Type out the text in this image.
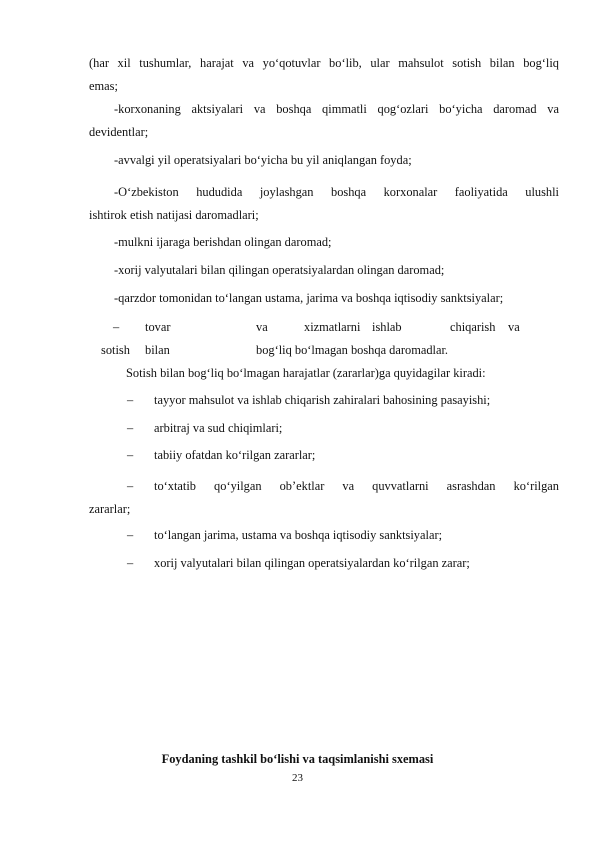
(har xil tushumlar, harajat va yo‘qotuvlar bo‘lib, ular mahsulot sotish bilan bog‘liq
emas;
-korxonaning aktsiyalari va boshqa qimmatli qog‘ozlari bo‘yicha daromad va
devidentlar;
-avvalgi yil operatsiyalari bo‘yicha bu yil aniqlangan foyda;
-O‘zbekiston hududida joylashgan boshqa korxonalar faoliyatida ulushli
ishtirok etish natijasi daromadlari;
-mulkni ijaraga berishdan olingan daromad;
-xorij valyutalari bilan qilingan operatsiyalardan olingan daromad;
-qarzdor tomonidan to‘langan ustama, jarima va boshqa iqtisodiy sanktsiyalar;
– tovar	va	xizmatlarni ishlab	chiqarish va
sotish bilan	bog‘liq bo‘lmagan boshqa daromadlar.
Sotish bilan bog‘liq bo‘lmagan harajatlar (zararlar)ga quyidagilar kiradi:
– tayyor mahsulot va ishlab chiqarish zahiralari bahosining pasayishi;
– arbitraj va sud chiqimlari;
– tabiiy ofatdan ko‘rilgan zararlar;
– to‘xtatib qo‘yilgan ob’ektlar va quvvatlarni asrashdan ko‘rilgan
zararlar;
– to‘langan jarima, ustama va boshqa iqtisodiy sanktsiyalar;
– xorij valyutalari bilan qilingan operatsiyalardan ko‘rilgan zarar;
Foydaning tashkil bo‘lishi va taqsimlanishi sxemasi
23
